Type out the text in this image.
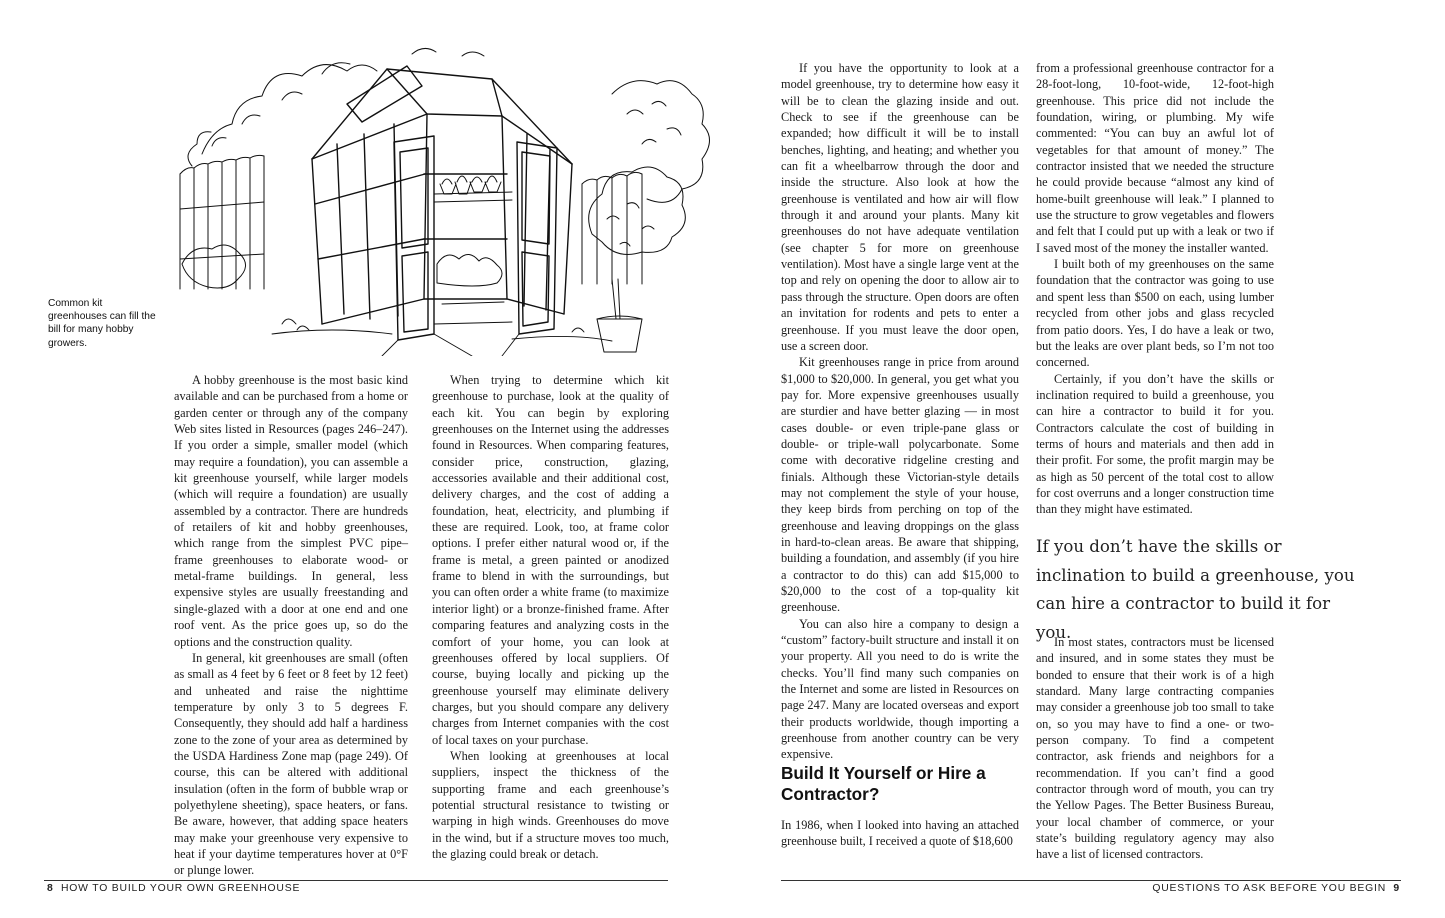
Common kit greenhouses can fill the bill for many hobby growers.

A hobby greenhouse is the most basic kind available and can be purchased from a home or garden center or through any of the company Web sites listed in Resources (pages 246–247). If you order a simple, smaller model (which may require a foundation), you can assemble a kit greenhouse yourself, while larger models (which will require a foundation) are usually assembled by a contractor. There are hundreds of retailers of kit and hobby greenhouses, which range from the simplest PVC pipe–frame greenhouses to elaborate wood- or metal-frame buildings. In general, less expensive styles are usually freestanding and single-glazed with a door at one end and one roof vent. As the price goes up, so do the options and the construction quality.

In general, kit greenhouses are small (often as small as 4 feet by 6 feet or 8 feet by 12 feet) and unheated and raise the nighttime temperature by only 3 to 5 degrees F. Consequently, they should add half a hardiness zone to the zone of your area as determined by the USDA Hardiness Zone map (page 249). Of course, this can be altered with additional insulation (often in the form of bubble wrap or polyethylene sheeting), space heaters, or fans. Be aware, however, that adding space heaters may make your greenhouse very expensive to heat if your daytime temperatures hover at 0°F or plunge lower.

When trying to determine which kit greenhouse to purchase, look at the quality of each kit. You can begin by exploring greenhouses on the Internet using the addresses found in Resources. When comparing features, consider price, construction, glazing, accessories available and their additional cost, delivery charges, and the cost of adding a foundation, heat, electricity, and plumbing if these are required. Look, too, at frame color options. I prefer either natural wood or, if the frame is metal, a green painted or anodized frame to blend in with the surroundings, but you can often order a white frame (to maximize interior light) or a bronze-finished frame. After comparing features and analyzing costs in the comfort of your home, you can look at greenhouses offered by local suppliers. Of course, buying locally and picking up the greenhouse yourself may eliminate delivery charges, but you should compare any delivery charges from Internet companies with the cost of local taxes on your purchase.

When looking at greenhouses at local suppliers, inspect the thickness of the supporting frame and each greenhouse’s potential structural resistance to twisting or warping in high winds. Greenhouses do move in the wind, but if a structure moves too much, the glazing could break or detach.

If you have the opportunity to look at a model greenhouse, try to determine how easy it will be to clean the glazing inside and out. Check to see if the greenhouse can be expanded; how difficult it will be to install benches, lighting, and heating; and whether you can fit a wheelbarrow through the door and inside the structure. Also look at how the greenhouse is ventilated and how air will flow through it and around your plants. Many kit greenhouses do not have adequate ventilation (see chapter 5 for more on greenhouse ventilation). Most have a single large vent at the top and rely on opening the door to allow air to pass through the structure. Open doors are often an invitation for rodents and pets to enter a greenhouse. If you must leave the door open, use a screen door.

Kit greenhouses range in price from around $1,000 to $20,000. In general, you get what you pay for. More expensive greenhouses usually are sturdier and have better glazing — in most cases double- or even triple-pane glass or double- or triple-wall polycarbonate. Some come with decorative ridgeline cresting and finials. Although these Victorian-style details may not complement the style of your house, they keep birds from perching on top of the greenhouse and leaving droppings on the glass in hard-to-clean areas. Be aware that shipping, building a foundation, and assembly (if you hire a contractor to do this) can add $15,000 to $20,000 to the cost of a top-quality kit greenhouse.

You can also hire a company to design a “custom” factory-built structure and install it on your property. All you need to do is write the checks. You’ll find many such companies on the Internet and some are listed in Resources on page 247. Many are located overseas and export their products worldwide, though importing a greenhouse from another country can be very expensive.

Build It Yourself or Hire a Contractor?

In 1986, when I looked into having an attached greenhouse built, I received a quote of $18,600

from a professional greenhouse contractor for a 28-foot-long, 10-foot-wide, 12-foot-high greenhouse. This price did not include the foundation, wiring, or plumbing. My wife commented: “You can buy an awful lot of vegetables for that amount of money.” The contractor insisted that we needed the structure he could provide because “almost any kind of home-built greenhouse will leak.” I planned to use the structure to grow vegetables and flowers and felt that I could put up with a leak or two if I saved most of the money the installer wanted.

I built both of my greenhouses on the same foundation that the contractor was going to use and spent less than $500 on each, using lumber recycled from other jobs and glass recycled from patio doors. Yes, I do have a leak or two, but the leaks are over plant beds, so I’m not too concerned.

Certainly, if you don’t have the skills or inclination required to build a greenhouse, you can hire a contractor to build it for you. Contractors calculate the cost of building in terms of hours and materials and then add in their profit. For some, the profit margin may be as high as 50 percent of the total cost to allow for cost overruns and a longer construction time than they might have estimated.

If you don’t have the skills or inclination to build a greenhouse, you can hire a contractor to build it for you.

In most states, contractors must be licensed and insured, and in some states they must be bonded to ensure that their work is of a high standard. Many large contracting companies may consider a greenhouse job too small to take on, so you may have to find a one- or two-person company. To find a competent contractor, ask friends and neighbors for a recommendation. If you can’t find a good contractor through word of mouth, you can try the Yellow Pages. The Better Business Bureau, your local chamber of commerce, or your state’s building regulatory agency may also have a list of licensed contractors.

8 HOW TO BUILD YOUR OWN GREENHOUSE	QUESTIONS TO ASK BEFORE YOU BEGIN 9
